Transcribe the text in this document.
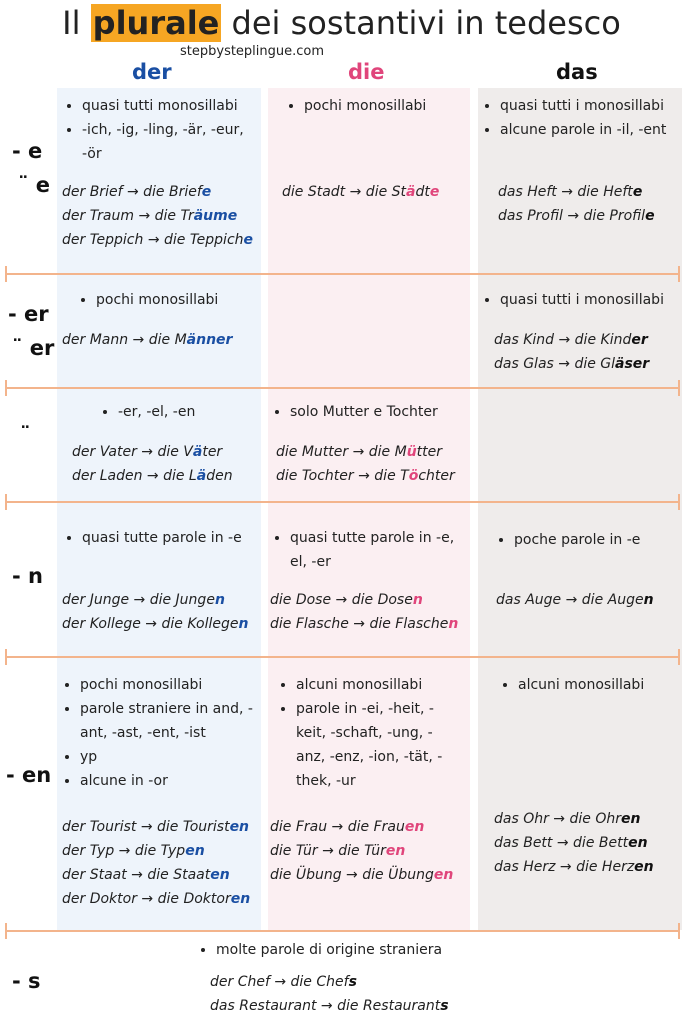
Il plurale dei sostantivi in tedesco
stepbysteplingue.com
der	die	das
- e
¨ e
• quasi tutti monosillabi
• -ich, -ig, -ling, -är, -eur, -ör
der Brief → die Briefe
der Traum → die Träume
der Teppich → die Teppiche
• pochi monosillabi
die Stadt → die Städte
• quasi tutti i monosillabi
• alcune parole in -il, -ent
das Heft → die Hefte
das Profil → die Profile
- er
¨ er
• pochi monosillabi
der Mann → die Männer
• quasi tutti i monosillabi
das Kind → die Kinder
das Glas → die Gläser
¨
• -er, -el, -en
der Vater → die Väter
der Laden → die Läden
• solo Mutter e Tochter
die Mutter → die Mütter
die Tochter → die Töchter
- n
• quasi tutte parole in -e
der Junge → die Jungen
der Kollege → die Kollegen
• quasi tutte parole in -e, el, -er
die Dose → die Dosen
die Flasche → die Flaschen
• poche parole in -e
das Auge → die Augen
- en
• pochi monosillabi
• parole straniere in and, -ant, -ast, -ent, -ist
• yp
• alcune in -or
der Tourist → die Touristen
der Typ → die Typen
der Staat → die Staaten
der Doktor → die Doktoren
• alcuni monosillabi
• parole in -ei, -heit, -keit, -schaft, -ung, -anz, -enz, -ion, -tät, -thek, -ur
die Frau → die Frauen
die Tür → die Türen
die Übung → die Übungen
• alcuni monosillabi
das Ohr → die Ohren
das Bett → die Betten
das Herz → die Herzen
- s
• molte parole di origine straniera
der Chef → die Chefs
das Restaurant → die Restaurants
